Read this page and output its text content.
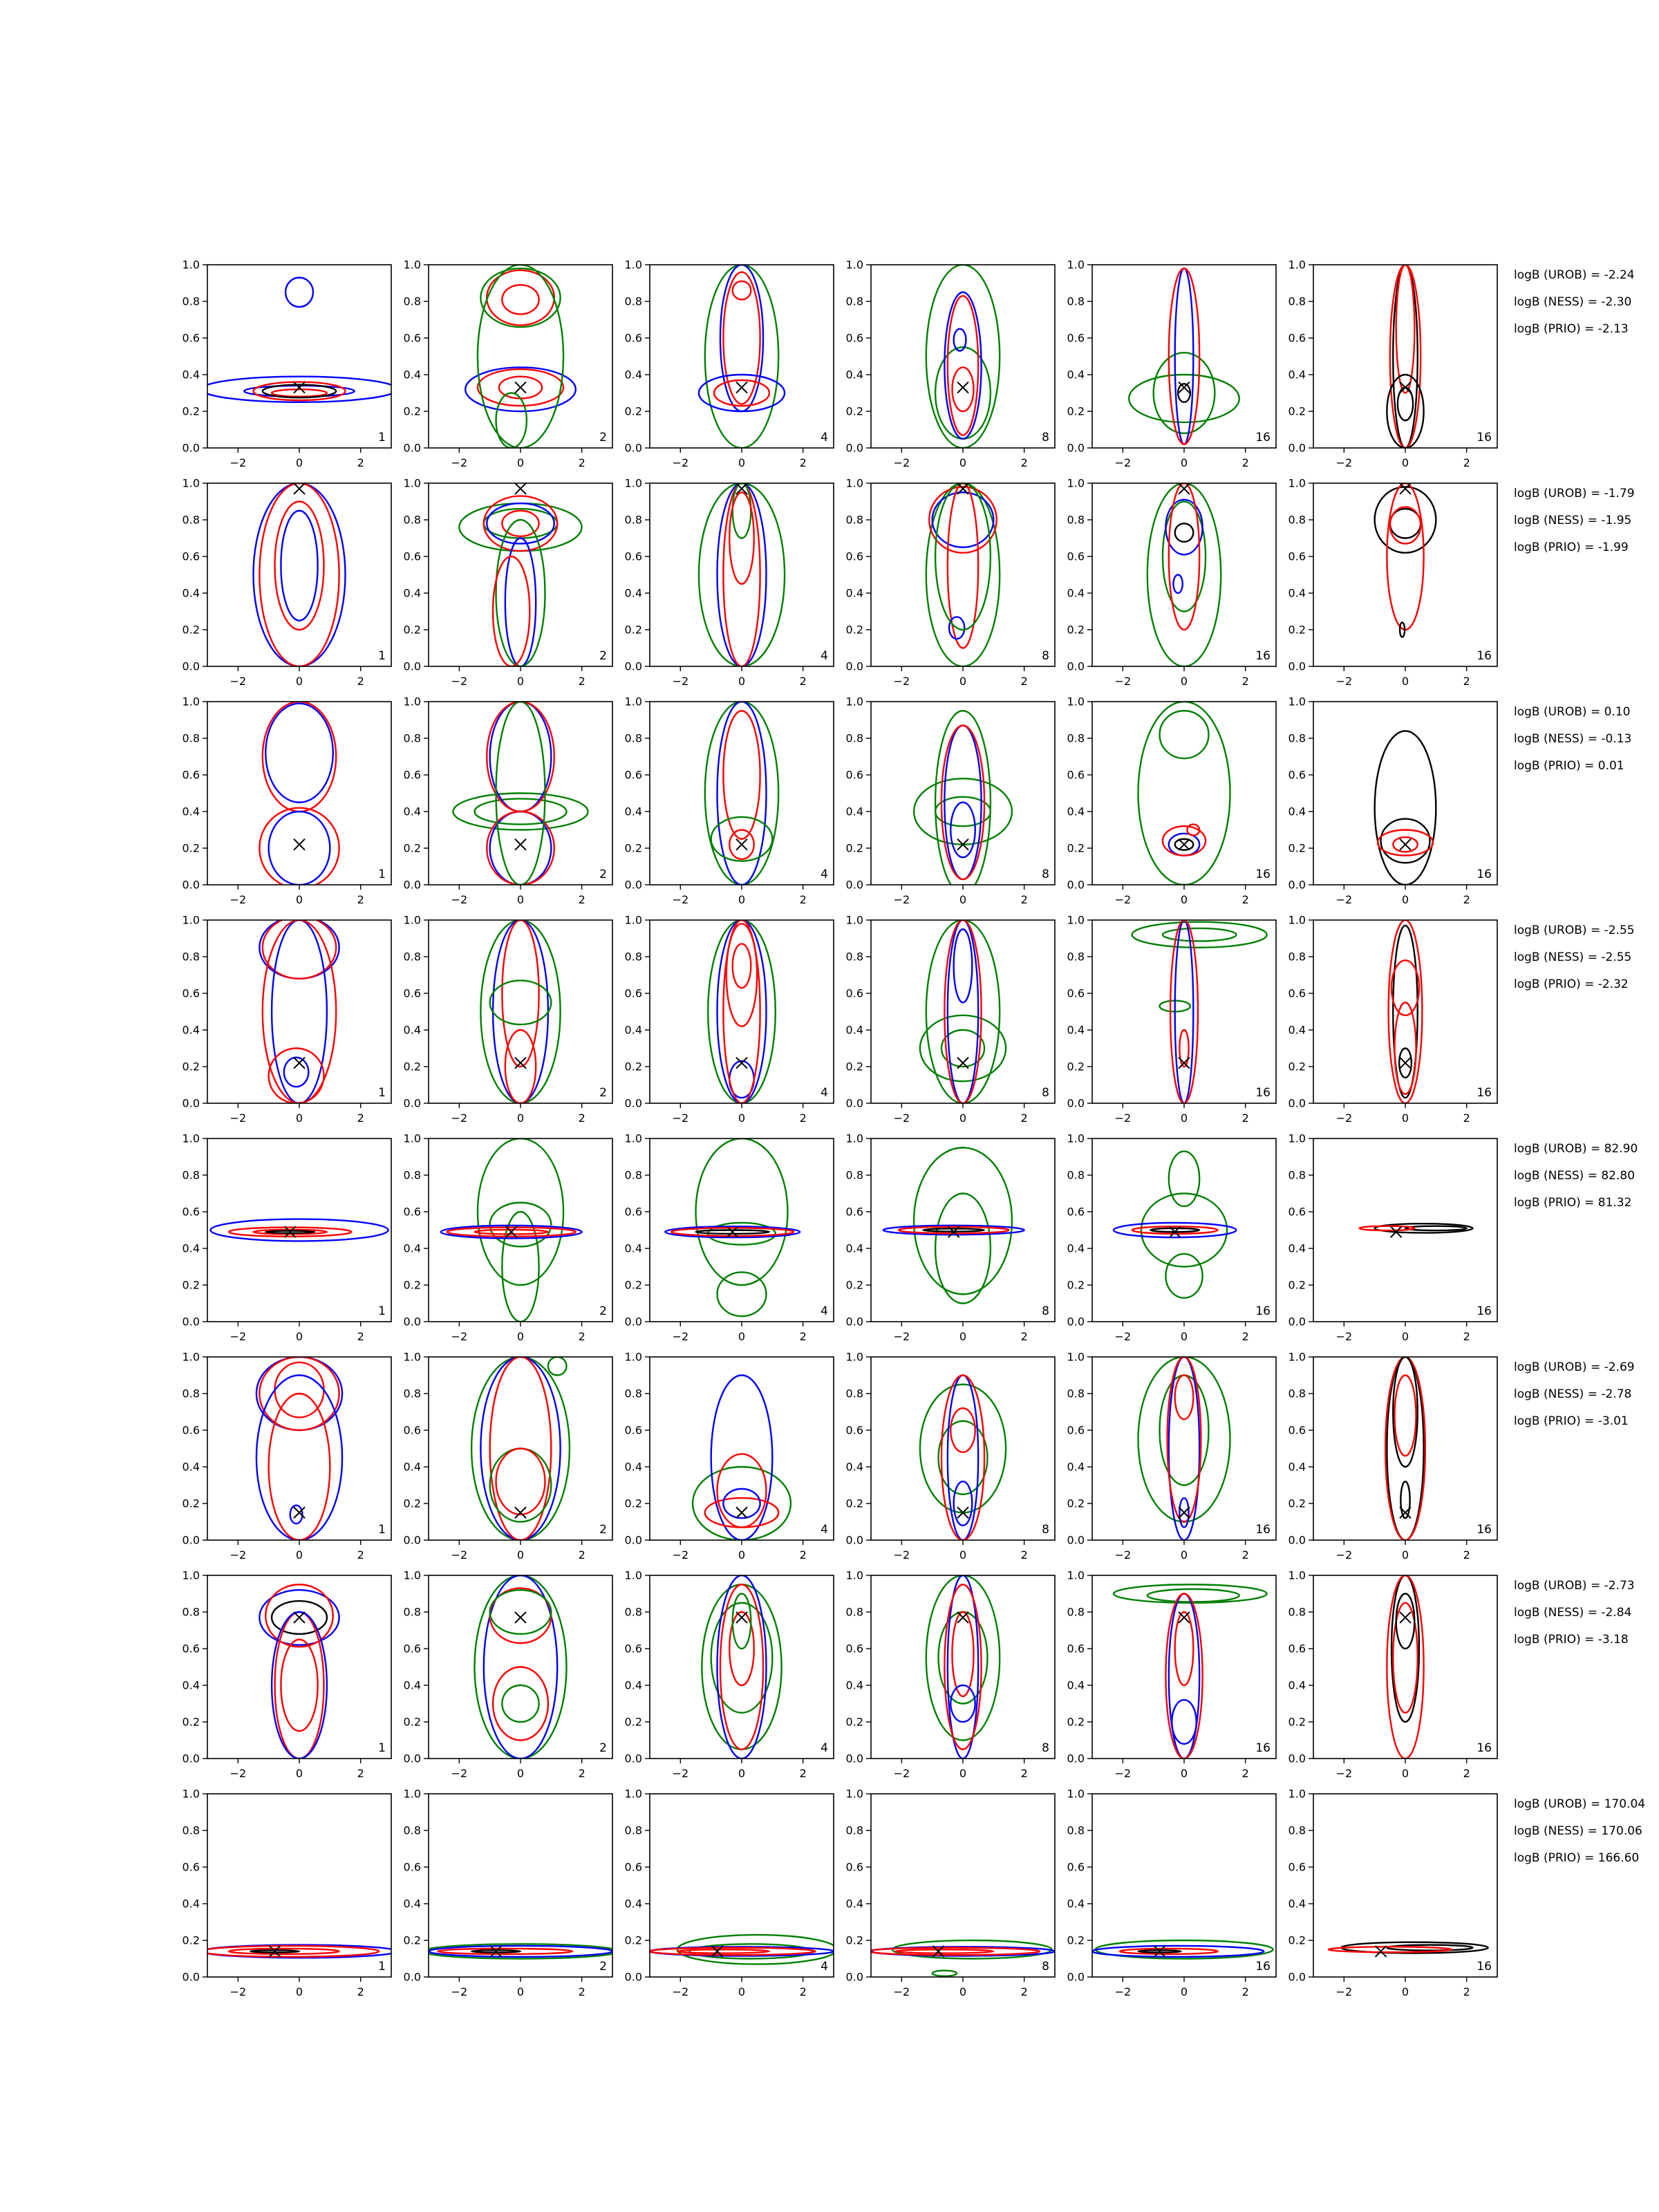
0.0
0.2
0.4
0.6
0.8
1.0
−2	0	2
1
0.0
0.2
0.4
0.6
0.8
1.0
−2	0	2
2
0.0
0.2
0.4
0.6
0.8
1.0
−2	0	2
4
0.0
0.2
0.4
0.6
0.8
1.0
−2	0	2
8
0.0
0.2
0.4
0.6
0.8
1.0
−2	0	2
16
0.0
0.2
0.4
0.6
0.8
1.0
−2	0	2
16
logB (UROB) = -2.24
logB (NESS) = -2.30
logB (PRIO) = -2.13
0.0
0.2
0.4
0.6
0.8
1.0
−2	0	2
1
0.0
0.2
0.4
0.6
0.8
1.0
−2	0	2
2
0.0
0.2
0.4
0.6
0.8
1.0
−2	0	2
4
0.0
0.2
0.4
0.6
0.8
1.0
−2	0	2
8
0.0
0.2
0.4
0.6
0.8
1.0
−2	0	2
16
0.0
0.2
0.4
0.6
0.8
1.0
−2	0	2
16
logB (UROB) = -1.79
logB (NESS) = -1.95
logB (PRIO) = -1.99
0.0
0.2
0.4
0.6
0.8
1.0
−2	0	2
1
0.0
0.2
0.4
0.6
0.8
1.0
−2	0	2
2
0.0
0.2
0.4
0.6
0.8
1.0
−2	0	2
4
0.0
0.2
0.4
0.6
0.8
1.0
−2	0	2
8
0.0
0.2
0.4
0.6
0.8
1.0
−2	0	2
16
0.0
0.2
0.4
0.6
0.8
1.0
−2	0	2
16
logB (UROB) = 0.10
logB (NESS) = -0.13
logB (PRIO) = 0.01
0.0
0.2
0.4
0.6
0.8
1.0
−2	0	2
1
0.0
0.2
0.4
0.6
0.8
1.0
−2	0	2
2
0.0
0.2
0.4
0.6
0.8
1.0
−2	0	2
4
0.0
0.2
0.4
0.6
0.8
1.0
−2	0	2
8
0.0
0.2
0.4
0.6
0.8
1.0
−2	0	2
16
0.0
0.2
0.4
0.6
0.8
1.0
−2	0	2
16
logB (UROB) = -2.55
logB (NESS) = -2.55
logB (PRIO) = -2.32
0.0
0.2
0.4
0.6
0.8
1.0
−2	0	2
1
0.0
0.2
0.4
0.6
0.8
1.0
−2	0	2
2
0.0
0.2
0.4
0.6
0.8
1.0
−2	0	2
4
0.0
0.2
0.4
0.6
0.8
1.0
−2	0	2
8
0.0
0.2
0.4
0.6
0.8
1.0
−2	0	2
16
0.0
0.2
0.4
0.6
0.8
1.0
−2	0	2
16
logB (UROB) = 82.90
logB (NESS) = 82.80
logB (PRIO) = 81.32
0.0
0.2
0.4
0.6
0.8
1.0
−2	0	2
1
0.0
0.2
0.4
0.6
0.8
1.0
−2	0	2
2
0.0
0.2
0.4
0.6
0.8
1.0
−2	0	2
4
0.0
0.2
0.4
0.6
0.8
1.0
−2	0	2
8
0.0
0.2
0.4
0.6
0.8
1.0
−2	0	2
16
0.0
0.2
0.4
0.6
0.8
1.0
−2	0	2
16
logB (UROB) = -2.69
logB (NESS) = -2.78
logB (PRIO) = -3.01
0.0
0.2
0.4
0.6
0.8
1.0
−2	0	2
1
0.0
0.2
0.4
0.6
0.8
1.0
−2	0	2
2
0.0
0.2
0.4
0.6
0.8
1.0
−2	0	2
4
0.0
0.2
0.4
0.6
0.8
1.0
−2	0	2
8
0.0
0.2
0.4
0.6
0.8
1.0
−2	0	2
16
0.0
0.2
0.4
0.6
0.8
1.0
−2	0	2
16
logB (UROB) = -2.73
logB (NESS) = -2.84
logB (PRIO) = -3.18
0.0
0.2
0.4
0.6
0.8
1.0
−2	0	2
1
0.0
0.2
0.4
0.6
0.8
1.0
−2	0	2
2
0.0
0.2
0.4
0.6
0.8
1.0
−2	0	2
4
0.0
0.2
0.4
0.6
0.8
1.0
−2	0	2
8
0.0
0.2
0.4
0.6
0.8
1.0
−2	0	2
16
0.0
0.2
0.4
0.6
0.8
1.0
−2	0	2
16
logB (UROB) = 170.04
logB (NESS) = 170.06
logB (PRIO) = 166.60
